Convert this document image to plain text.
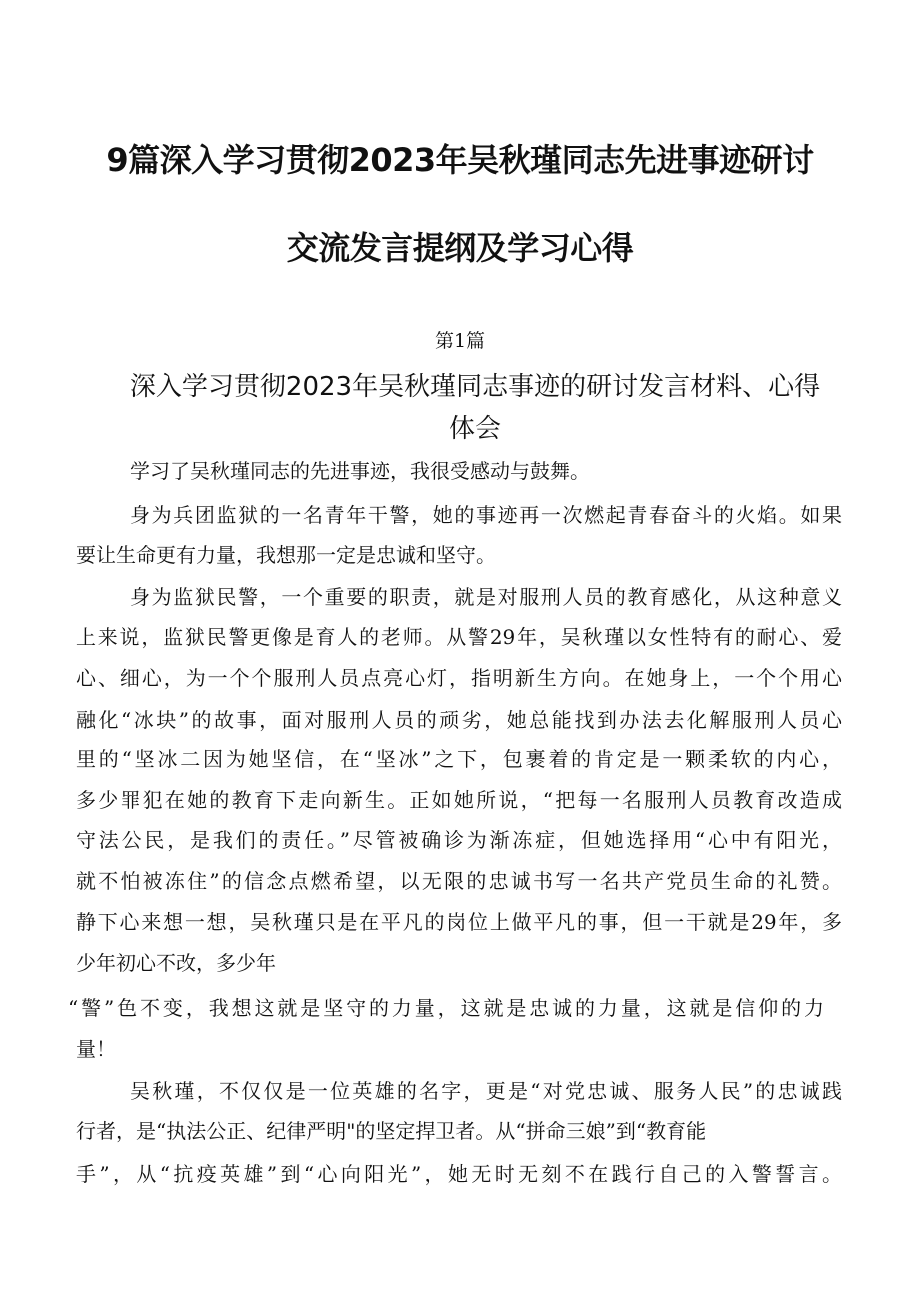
9篇深入学习贯彻2023年吴秋瑾同志先进事迹研讨
交流发言提纲及学习心得
第1篇
深入学习贯彻2023年吴秋瑾同志事迹的研讨发言材料、心得
体会
学习了吴秋瑾同志的先进事迹，我很受感动与鼓舞。
身为兵团监狱的一名青年干警，她的事迹再一次燃起青春奋斗的火焰。如果
要让生命更有力量，我想那一定是忠诚和坚守。
身为监狱民警，一个重要的职责，就是对服刑人员的教育感化，从这种意义
上来说，监狱民警更像是育人的老师。从警29年，吴秋瑾以女性特有的耐心、爱
心、细心，为一个个服刑人员点亮心灯，指明新生方向。在她身上，一个个用心
融化“冰块”的故事，面对服刑人员的顽劣，她总能找到办法去化解服刑人员心
里的“坚冰二因为她坚信，在“坚冰”之下，包裹着的肯定是一颗柔软的内心，
多少罪犯在她的教育下走向新生。正如她所说，“把每一名服刑人员教育改造成
守法公民，是我们的责任。”尽管被确诊为渐冻症，但她选择用“心中有阳光，
就不怕被冻住”的信念点燃希望，以无限的忠诚书写一名共产党员生命的礼赞。
静下心来想一想，吴秋瑾只是在平凡的岗位上做平凡的事，但一干就是29年，多
少年初心不改，多少年
“警”色不变，我想这就是坚守的力量，这就是忠诚的力量，这就是信仰的力
量！
吴秋瑾，不仅仅是一位英雄的名字，更是“对党忠诚、服务人民”的忠诚践
行者，是“执法公正、纪律严明"的坚定捍卫者。从“拼命三娘”到“教育能
手”，从“抗疫英雄”到“心向阳光”，她无时无刻不在践行自己的入警誓言。
